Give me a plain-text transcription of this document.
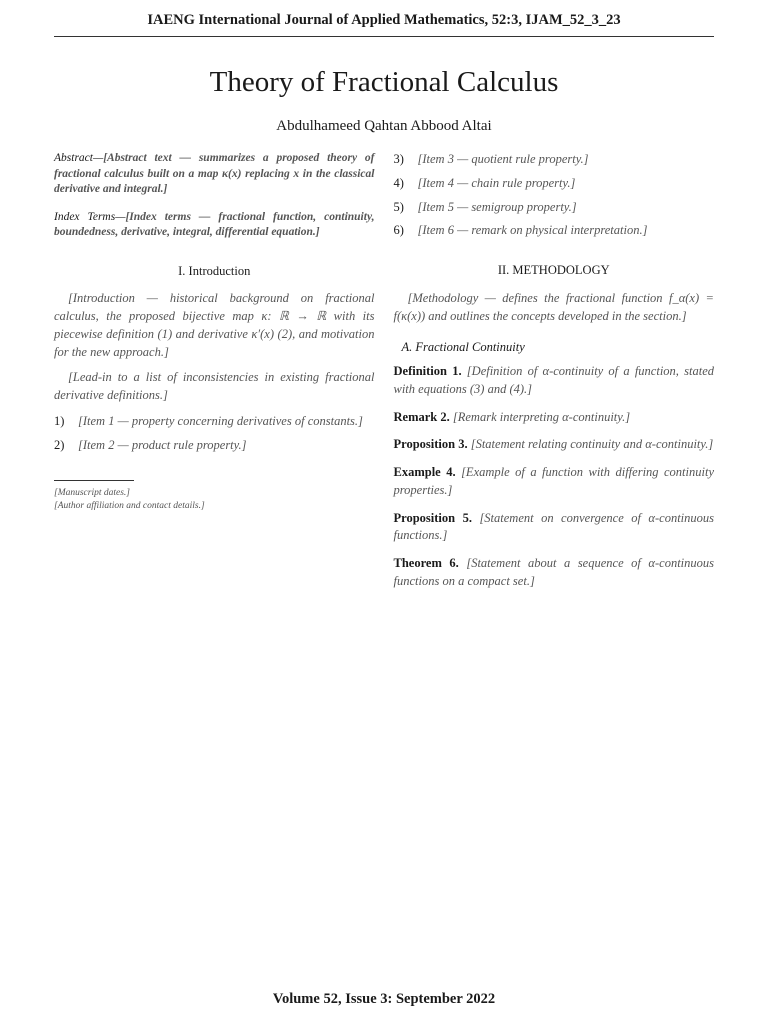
IAENG International Journal of Applied Mathematics, 52:3, IJAM_52_3_23
Theory of Fractional Calculus
Abdulhameed Qahtan Abbood Altai
Abstract—[Abstract text — summarizes a proposed theory of fractional calculus built on a map κ(x) replacing x in the classical derivative and integral.]
Index Terms—[Index terms — fractional function, continuity, boundedness, derivative, integral, differential equation.]
I. Introduction

[Introduction — historical background on fractional calculus, the proposed bijective map κ: ℝ → ℝ with its piecewise definition (1) and derivative κ′(x) (2), and motivation for the new approach.]

[Lead-in to a list of inconsistencies in existing fractional derivative definitions.]

1) [Item 1 — property concerning derivatives of constants.]
2) [Item 2 — product rule property.]
[Manuscript dates.]
[Author affiliation and contact details.]
3) [Item 3 — quotient rule property.]
4) [Item 4 — chain rule property.]
5) [Item 5 — semigroup property.]
6) [Item 6 — remark on physical interpretation.]
II. METHODOLOGY

[Methodology — defines the fractional function f_α(x) = f(κ(x)) and outlines the concepts developed in the section.]

A. Fractional Continuity
Definition 1. [Definition of α-continuity of a function, stated with equations (3) and (4).]
Remark 2. [Remark interpreting α-continuity.]
Proposition 3. [Statement relating continuity and α-continuity.]
Example 4. [Example of a function with differing continuity properties.]
Proposition 5. [Statement on convergence of α-continuous functions.]
Theorem 6. [Statement about a sequence of α-continuous functions on a compact set.]
Volume 52, Issue 3: September 2022
